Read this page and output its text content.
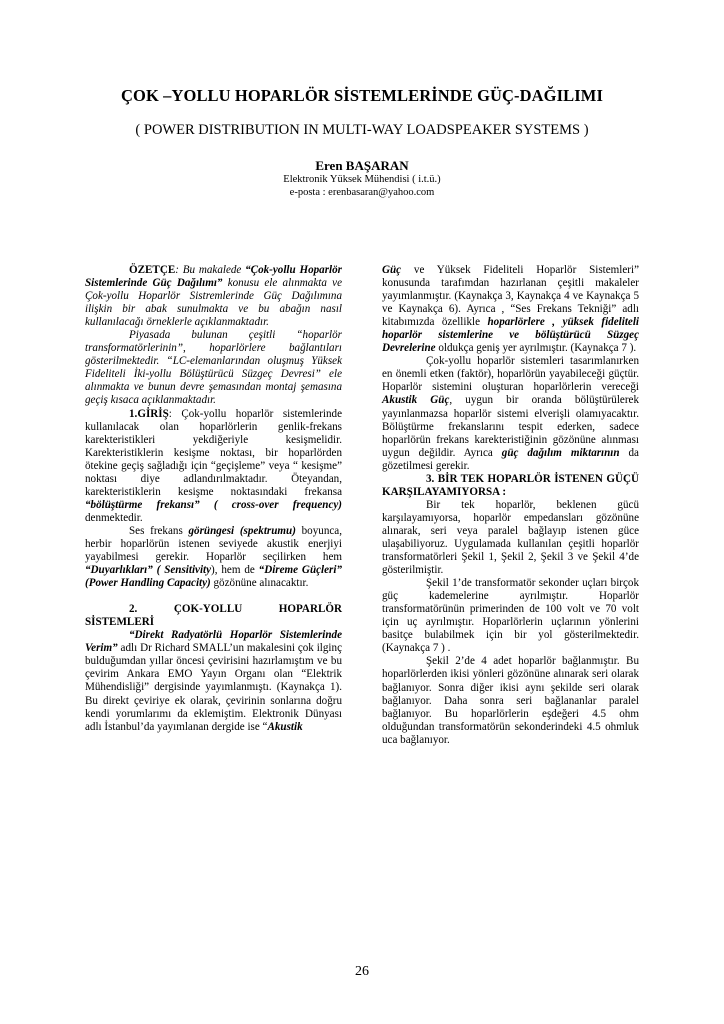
ÇOK –YOLLU HOPARLÖR SİSTEMLERİNDE GÜÇ-DAĞILIMI

( POWER DISTRIBUTION IN MULTI-WAY LOADSPEAKER SYSTEMS )

Eren BAŞARAN

Elektronik Yüksek Mühendisi ( i.t.ü.)

e-posta : erenbasaran@yahoo.com

ÖZETÇE: Bu makalede “Çok-yollu Hoparlör Sistemlerinde Güç Dağılımı” konusu ele alınmakta ve Çok-yollu Hoparlör Sistremlerinde Güç Dağılımına ilişkin bir abak sunulmakta ve bu abağın nasıl kullanılacağı örneklerle açıklanmaktadır.

Piyasada bulunan çeşitli “hoparlör transformatörlerinin”, hoparlörlere bağlantıları gösterilmektedir. “LC-elemanlarından oluşmuş Yüksek Fideliteli İki-yollu Bölüştürücü Süzgeç Devresi” ele alınmakta ve bunun devre şemasından montaj şemasına geçiş kısaca açıklanmaktadır.

1.GİRİŞ: Çok-yollu hoparlör sistemlerinde kullanılacak olan hoparlörlerin genlik-frekans karekteristikleri yekdiğeriyle kesişmelidir. Karekteristiklerin kesişme noktası, bir hoparlörden ötekine geçiş sağladığı için “geçişleme” veya “ kesişme” noktası diye adlandırılmaktadır. Öteyandan, karekteristiklerin kesişme noktasındaki frekansa “bölüştürme frekansı” ( cross-over frequency) denmektedir.

Ses frekans görüngesi (spektrumu) boyunca, herbir hoparlörün istenen seviyede akustik enerjiyi yayabilmesi gerekir. Hoparlör seçilirken hem “Duyarlıkları” ( Sensitivity), hem de “Direme Güçleri” (Power Handling Capacity) gözönüne alınacaktır.

2. ÇOK-YOLLU HOPARLÖR SİSTEMLERİ

“Direkt Radyatörlü Hoparlör Sistemlerinde Verim” adlı Dr Richard SMALL’un makalesini çok ilginç bulduğumdan yıllar öncesi çevirisini hazırlamıştım ve bu çevirim Ankara EMO Yayın Organı olan “Elektrik Mühendisliği” dergisinde yayımlanmıştı. (Kaynakça 1). Bu direkt çeviriye ek olarak, çevirinin sonlarına doğru kendi yorumlarımı da eklemiştim. Elektronik Dünyası adlı İstanbul’da yayımlanan dergide ise “Akustik

Güç ve Yüksek Fideliteli Hoparlör Sistemleri” konusunda tarafımdan hazırlanan çeşitli makaleler yayımlanmıştır. (Kaynakça 3, Kaynakça 4 ve Kaynakça 5 ve Kaynakça 6). Ayrıca , “Ses Frekans Tekniği” adlı kitabımızda özellikle hoparlörlere , yüksek fideliteli hoparlör sistemlerine ve bölüştürücü Süzgeç Devrelerine oldukça geniş yer ayrılmıştır. (Kaynakça 7 ).

Çok-yollu hoparlör sistemleri tasarımlanırken en önemli etken (faktör), hoparlörün yayabileceği güçtür. Hoparlör sistemini oluşturan hoparlörlerin vereceği Akustik Güç, uygun bir oranda bölüştürülerek yayınlanmazsa hoparlör sistemi elverişli olamıyacaktır. Bölüştürme frekanslarını tespit ederken, sadece hoparlörün frekans karekteristiğinin gözönüne alınması uygun değildir. Ayrıca güç dağılım miktarının da gözetilmesi gerekir.

3. BİR TEK HOPARLÖR İSTENEN GÜÇÜ KARŞILAYAMIYORSA :

Bir tek hoparlör, beklenen gücü karşılayamıyorsa, hoparlör empedansları gözönüne alınarak, seri veya paralel bağlayıp istenen güce ulaşabiliyoruz. Uygulamada kullanılan çeşitli hoparlör transformatörleri Şekil 1, Şekil 2, Şekil 3 ve Şekil 4’de gösterilmiştir.

Şekil 1’de transformatör sekonder uçları birçok güç kademelerine ayrılmıştır. Hoparlör transformatörünün primerinden de 100 volt ve 70 volt için uç ayrılmıştır. Hoparlörlerin uçlarının yönlerini basitçe bulabilmek için bir yol gösterilmektedir. (Kaynakça 7 ) .

Şekil 2’de 4 adet hoparlör bağlanmıştır. Bu hoparlörlerden ikisi yönleri gözönüne alınarak seri olarak bağlanıyor. Sonra diğer ikisi aynı şekilde seri olarak bağlanıyor. Daha sonra seri bağlananlar paralel bağlanıyor. Bu hoparlörlerin eşdeğeri 4.5 ohm olduğundan transformatörün sekonderindeki 4.5 ohmluk uca bağlanıyor.

26
